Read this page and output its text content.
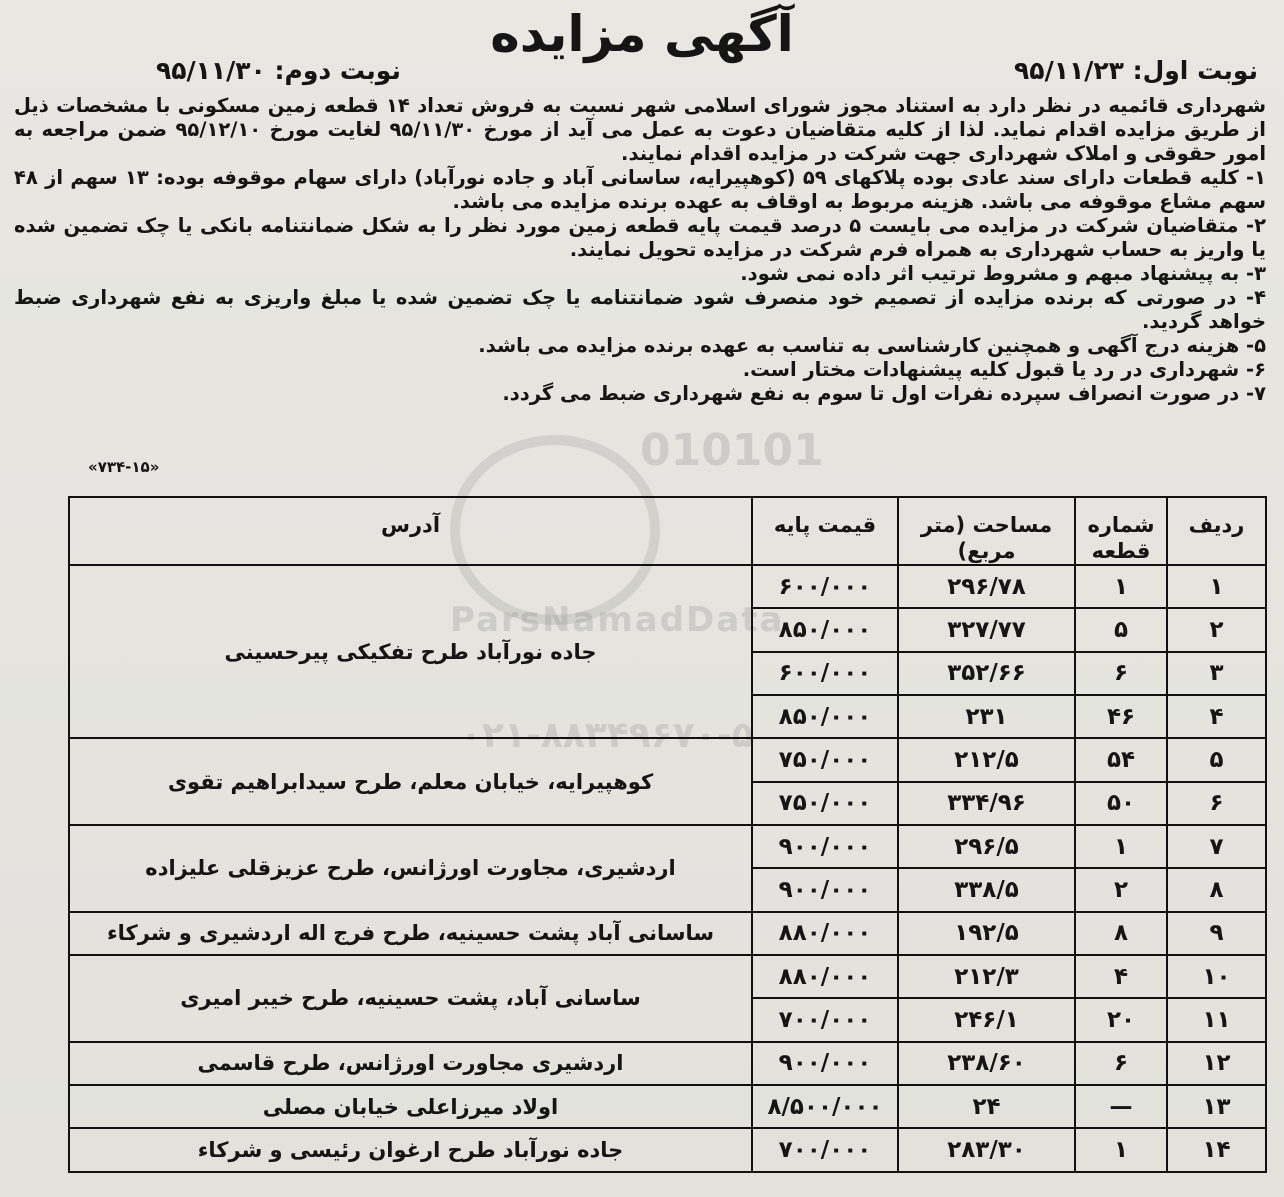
آگهی مزایده
نوبت اول: ۹۵/۱۱/۲۳
نوبت دوم: ۹۵/۱۱/۳۰

شهرداری قائمیه در نظر دارد به استناد مجوز شورای اسلامی شهر نسبت به فروش تعداد ۱۴ قطعه زمین مسکونی با مشخصات ذیل از طریق مزایده اقدام نماید. لذا از کلیه متقاضیان دعوت به عمل می آید از مورخ ۹۵/۱۱/۳۰ لغایت مورخ ۹۵/۱۲/۱۰ ضمن مراجعه به امور حقوقی و املاک شهرداری جهت شرکت در مزایده اقدام نمایند.

۱- کلیه قطعات دارای سند عادی بوده پلاکهای ۵۹ (کوهپیرایه، ساسانی آباد و جاده نورآباد) دارای سهام موقوفه بوده: ۱۳ سهم از ۴۸ سهم مشاع موقوفه می باشد. هزینه مربوط به اوقاف به عهده برنده مزایده می باشد.

۲- متقاضیان شرکت در مزایده می بایست ۵ درصد قیمت پایه قطعه زمین مورد نظر را به شکل ضمانتنامه بانکی یا چک تضمین شده یا واریز به حساب شهرداری به همراه فرم شرکت در مزایده تحویل نمایند.

۳- به پیشنهاد مبهم و مشروط ترتیب اثر داده نمی شود.

۴- در صورتی که برنده مزایده از تصمیم خود منصرف شود ضمانتنامه یا چک تضمین شده یا مبلغ واریزی به نفع شهرداری ضبط خواهد گردید.

۵- هزینه درج آگهی و همچنین کارشناسی به تناسب به عهده برنده مزایده می باشد.

۶- شهرداری در رد یا قبول کلیه پیشنهادات مختار است.

۷- در صورت انصراف سپرده نفرات اول تا سوم به نفع شهرداری ضبط می گردد.

«۷۳۴-۱۵»	010101
ParsNamadData
۰۲۱-۸۸۳۴۹۶۷۰-۵
ردیف	شماره قطعه	مساحت (متر مربع)	قیمت پایه	آدرس
۱	۱	۲۹۶/۷۸	۶۰۰/۰۰۰	جاده نورآباد طرح تفکیکی پیرحسینی
۲	۵	۳۲۷/۷۷	۸۵۰/۰۰۰	
۳	۶	۳۵۲/۶۶	۶۰۰/۰۰۰	
۴	۴۶	۲۳۱	۸۵۰/۰۰۰	
۵	۵۴	۲۱۲/۵	۷۵۰/۰۰۰	کوهپیرایه، خیابان معلم، طرح سیدابراهیم تقوی
۶	۵۰	۳۳۴/۹۶	۷۵۰/۰۰۰	
۷	۱	۲۹۶/۵	۹۰۰/۰۰۰	اردشیری، مجاورت اورژانس، طرح عزیزقلی علیزاده
۸	۲	۳۳۸/۵	۹۰۰/۰۰۰	
۹	۸	۱۹۲/۵	۸۸۰/۰۰۰	ساسانی آباد پشت حسینیه، طرح فرج اله اردشیری و شرکاء
۱۰	۴	۲۱۲/۳	۸۸۰/۰۰۰	ساسانی آباد، پشت حسینیه، طرح خیبر امیری
۱۱	۲۰	۲۴۶/۱	۷۰۰/۰۰۰	
۱۲	۶	۲۳۸/۶۰	۹۰۰/۰۰۰	اردشیری مجاورت اورژانس، طرح قاسمی
۱۳	—	۲۴	۸/۵۰۰/۰۰۰	اولاد میرزاعلی خیابان مصلی
۱۴	۱	۲۸۳/۳۰	۷۰۰/۰۰۰	جاده نورآباد طرح ارغوان رئیسی و شرکاء
